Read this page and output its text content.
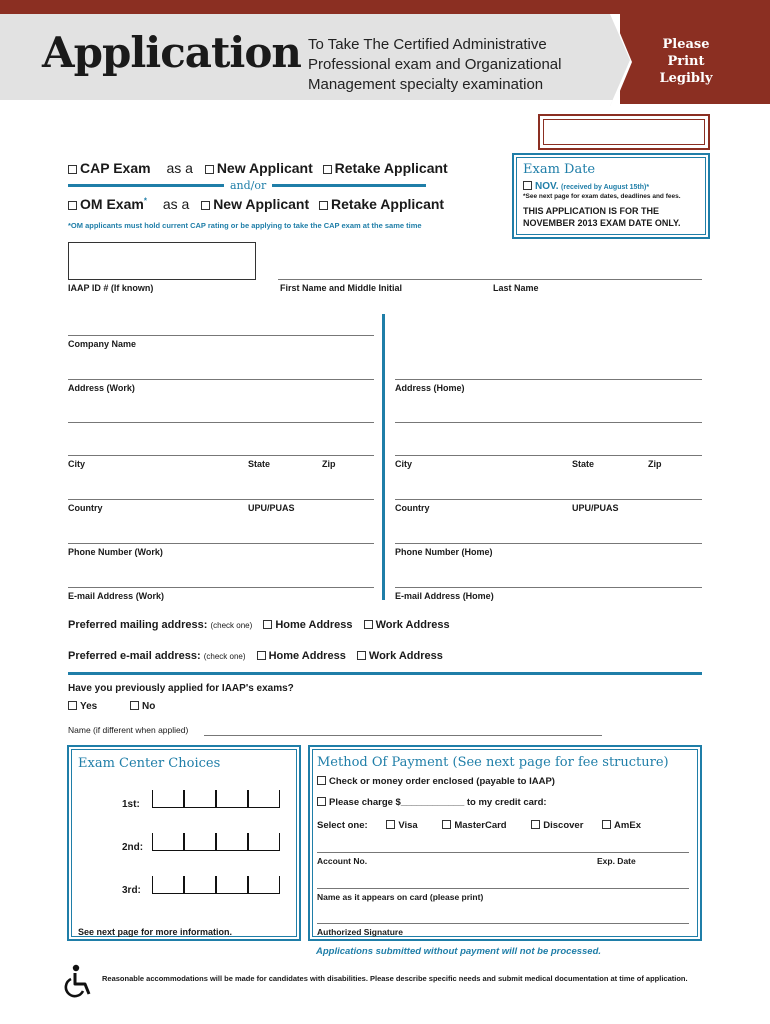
Application To Take The Certified Administrative Professional exam and Organizational Management specialty examination
Please Print Legibly
CAP Exam as a New Applicant Retake Applicant
and/or
OM Exam* as a New Applicant Retake Applicant
*OM applicants must hold current CAP rating or be applying to take the CAP exam at the same time
Exam Date
NOV. (received by August 15th)*
*See next page for exam dates, deadlines and fees.
THIS APPLICATION IS FOR THE NOVEMBER 2013 EXAM DATE ONLY.
IAAP ID # (If known)	First Name and Middle Initial	Last Name
Company Name
Address (Work)
City	State	Zip
Country	UPU/PUAS
Phone Number (Work)
E-mail Address (Work)
Address (Home)
City	State	Zip
Country	UPU/PUAS
Phone Number (Home)
E-mail Address (Home)
Preferred mailing address: (check one) Home Address Work Address
Preferred e-mail address: (check one) Home Address Work Address
Have you previously applied for IAAP's exams?
Yes	No
Name (if different when applied)
Exam Center Choices
1st:
2nd:
3rd:
See next page for more information.
Method Of Payment (See next page for fee structure)
Check or money order enclosed (payable to IAAP)
Please charge $____________ to my credit card:
Select one:	Visa	MasterCard	Discover	AmEx
Account No.	Exp. Date
Name as it appears on card (please print)
Authorized Signature
Applications submitted without payment will not be processed.
Reasonable accommodations will be made for candidates with disabilities. Please describe specific needs and submit medical documentation at time of application.
